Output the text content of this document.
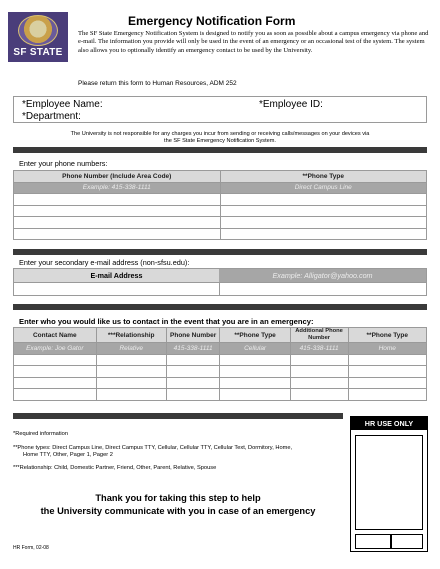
SF STATE
Emergency Notification Form
The SF State Emergency Notification System is designed to notify you as soon as possible about a campus emergency via phone and e-mail. The information you provide will only be used in the event of an emergency or an occasional test of the system. The system also allows you to optionally identify an emergency contact to be used by the University.
Please return this form to Human Resources, ADM 252
*Employee Name:	*Employee ID:
*Department:
The University is not responsible for any charges you incur from sending or receiving calls/messages on your devices via
the SF State Emergency Notification System.
Enter your phone numbers:
Phone Number (Include Area Code)	**Phone Type
Example: 415-338-1111	Direct Campus Line

Enter your secondary e-mail address (non-sfsu.edu):
E-mail Address	Example: Alligator@yahoo.com
Enter who you would like us to contact in the event that you are in an emergency:
Contact Name	***Relationship	Phone Number	**Phone Type	Additional Phone Number	**Phone Type
Example: Joe Gator	Relative	415-338-1111	Cellular	415-338-1111	Home

HR USE ONLY
*Required information
**Phone types: Direct Campus Line, Direct Campus TTY, Cellular, Cellular TTY, Cellular Text, Dormitory, Home,
Home TTY, Other, Pager 1, Pager 2
***Relationship: Child, Domestic Partner, Friend, Other, Parent, Relative, Spouse
Thank you for taking this step to help
the University communicate with you in case of an emergency
HR Form, 02-08
